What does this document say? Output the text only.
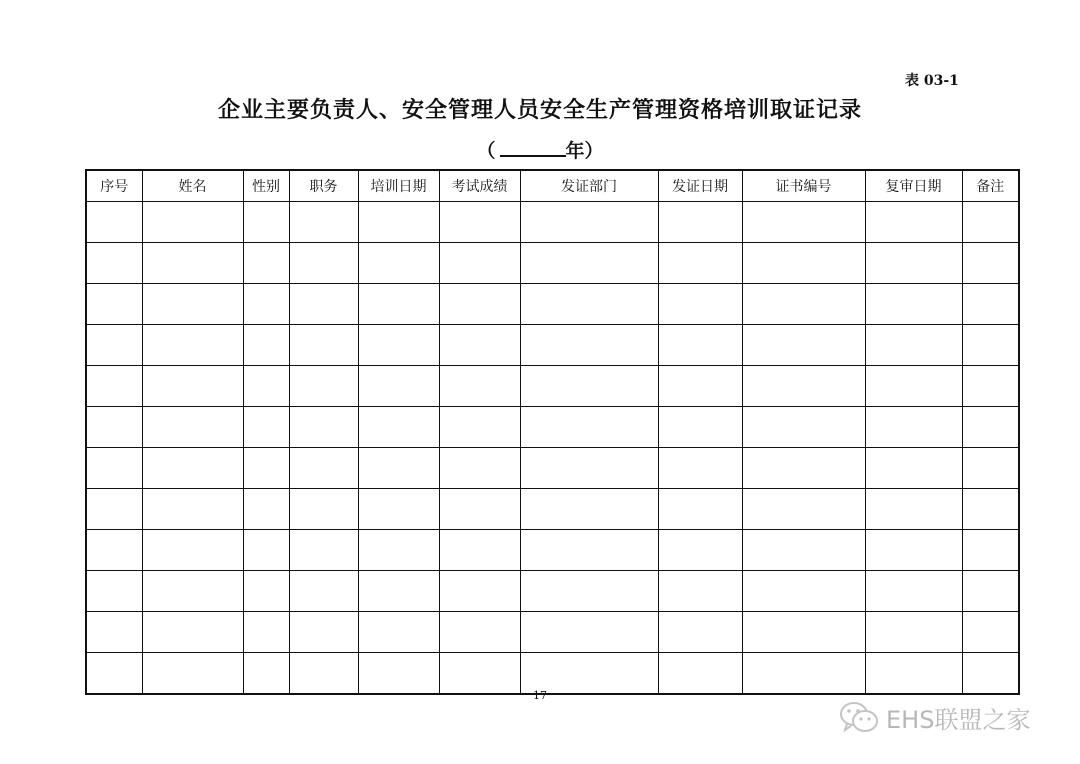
表 03-1
企业主要负责人、安全管理人员安全生产管理资格培训取证记录
（	年）
序号	姓名	性别	职务	培训日期	考试成绩	发证部门	发证日期	证书编号	复审日期	备注

17
EHS联盟之家
